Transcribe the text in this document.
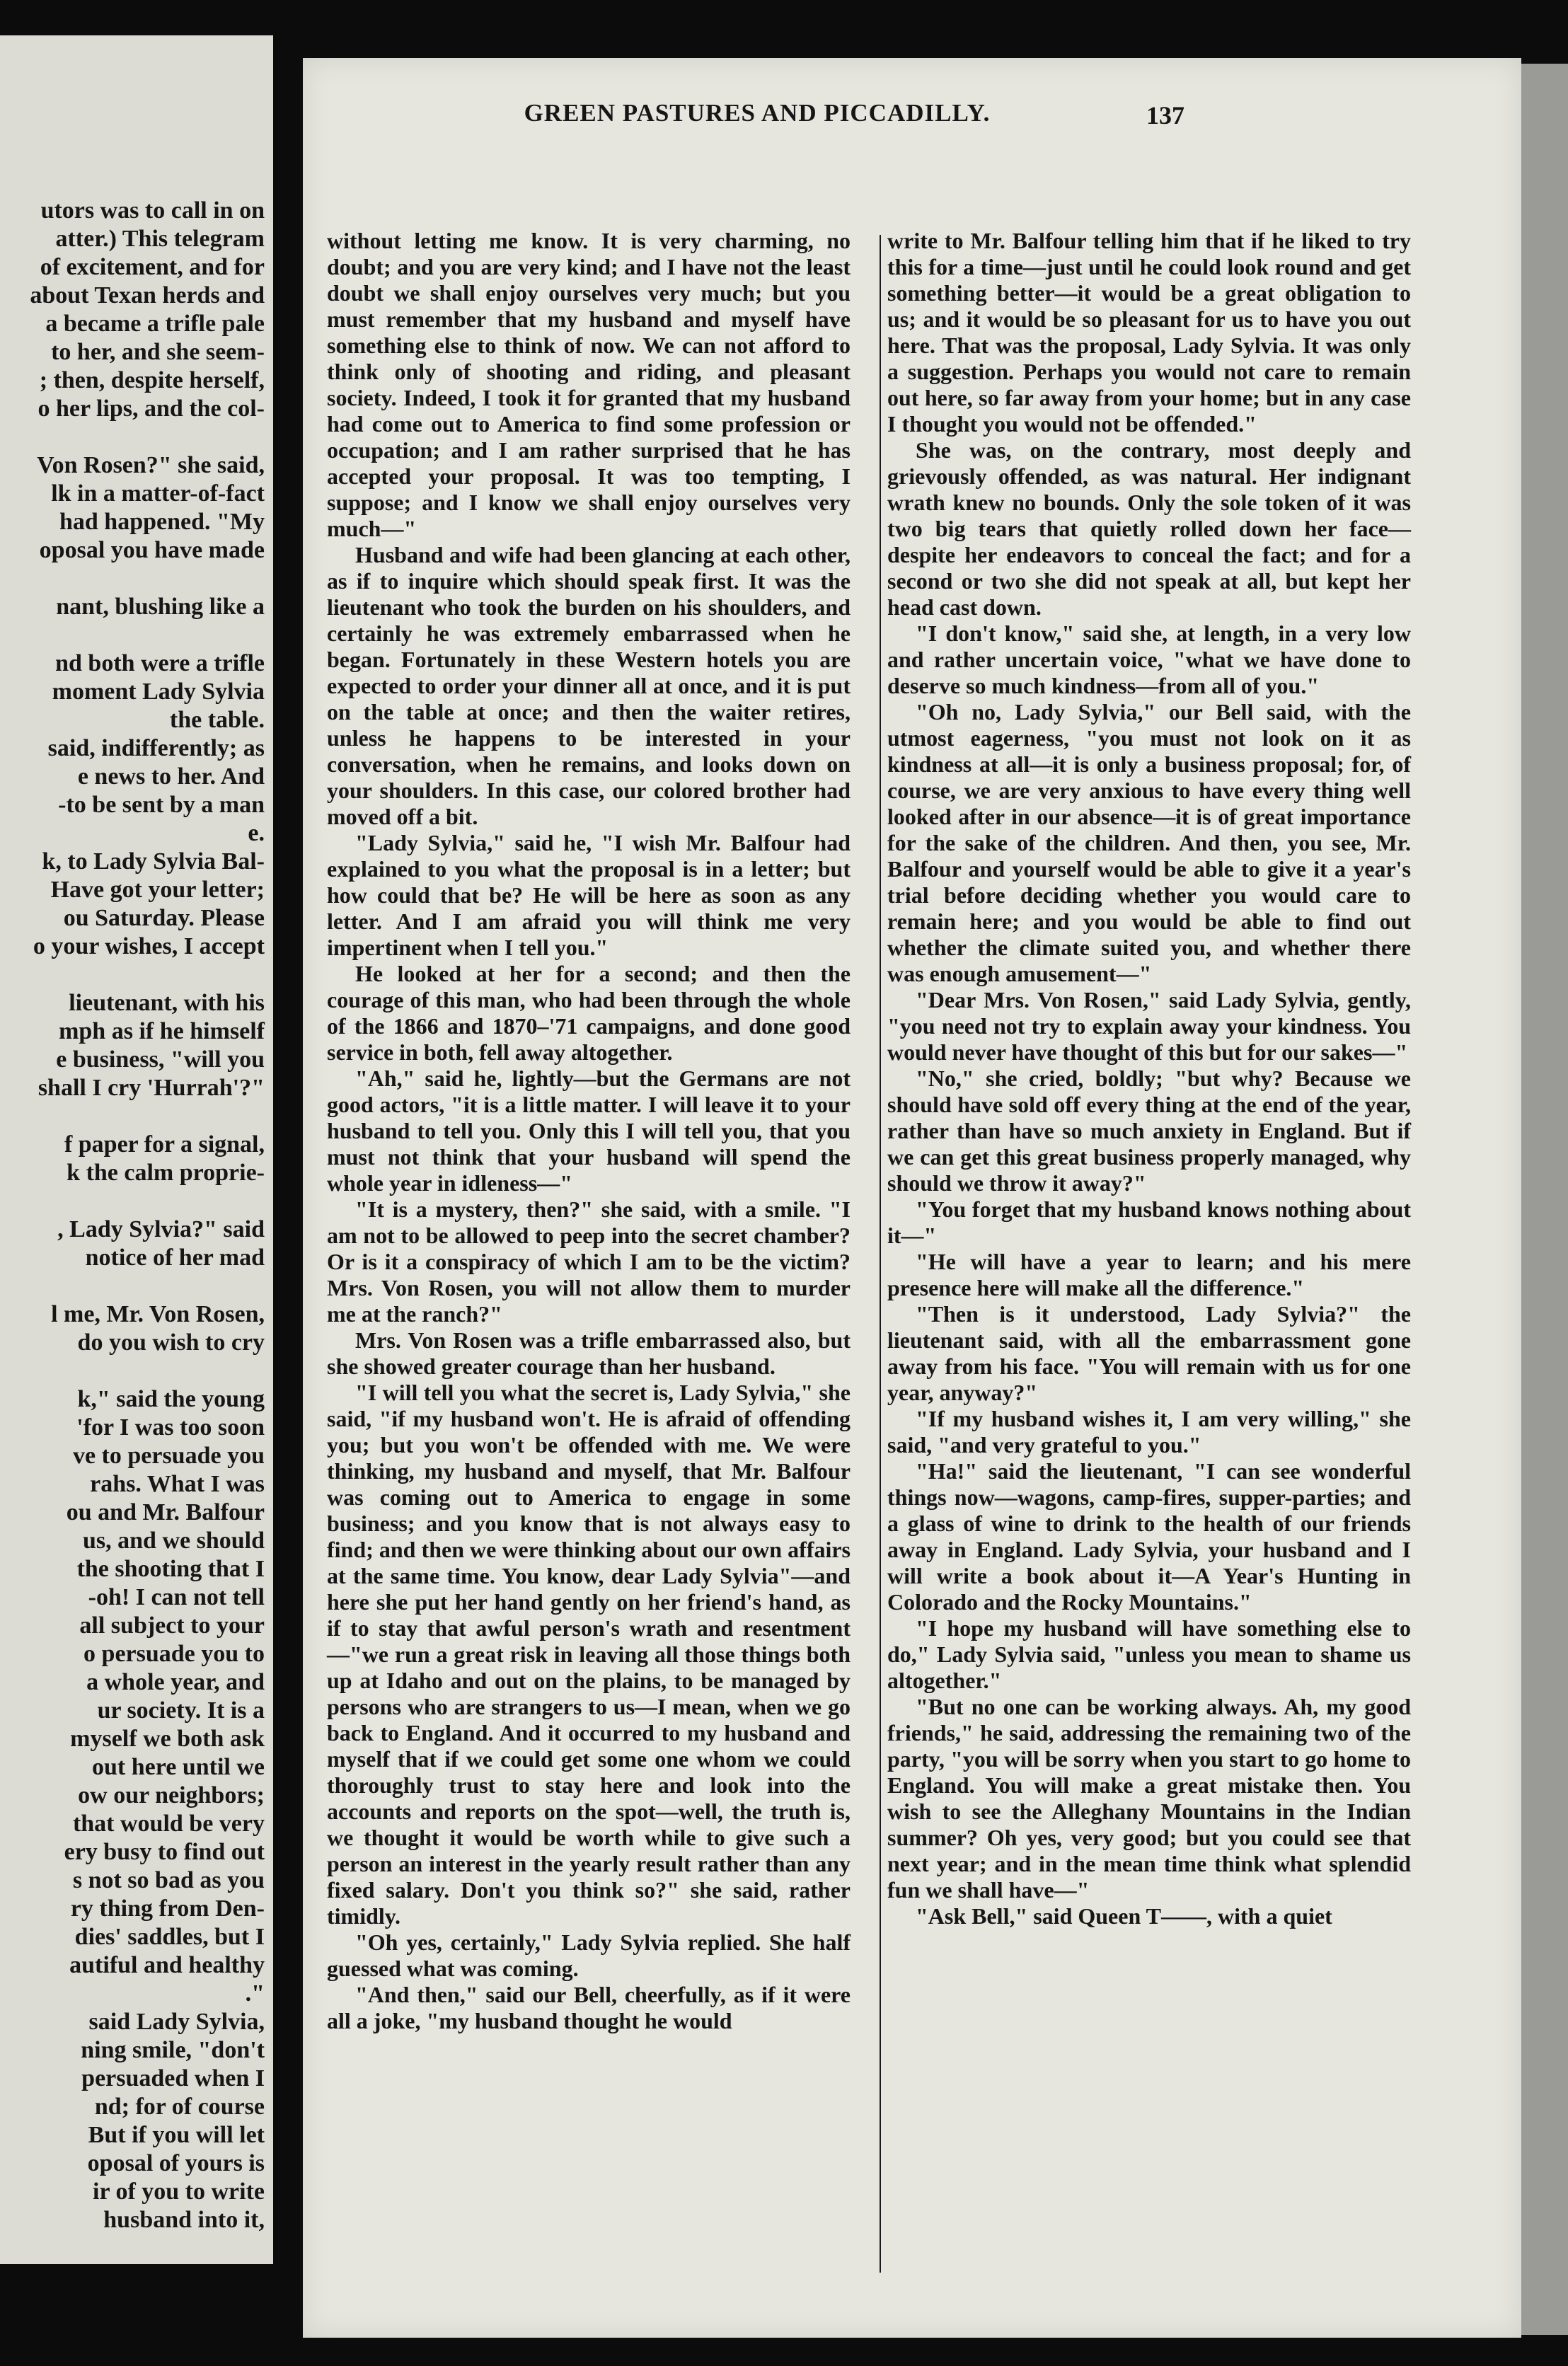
utors was to call in on
atter.) This telegram
of excitement, and for
about Texan herds and
a became a trifle pale
to her, and she seem-
; then, despite herself,
o her lips, and the col-
Von Rosen?" she said,
lk in a matter-of-fact
had happened. "My
oposal you have made
nant, blushing like a
nd both were a trifle
moment Lady Sylvia
the table.
said, indifferently; as
e news to her. And
-to be sent by a man
e.
k, to Lady Sylvia Bal-
Have got your letter;
ou Saturday. Please
o your wishes, I accept
lieutenant, with his
mph as if he himself
e business, "will you
shall I cry 'Hurrah'?"
f paper for a signal,
k the calm proprie-
, Lady Sylvia?" said
notice of her mad
l me, Mr. Von Rosen,
do you wish to cry
k," said the young
'for I was too soon
ve to persuade you
rahs. What I was
ou and Mr. Balfour
us, and we should
the shooting that I
-oh! I can not tell
all subject to your
o persuade you to
a whole year, and
ur society. It is a
myself we both ask
out here until we
ow our neighbors;
that would be very
ery busy to find out
s not so bad as you
ry thing from Den-
dies' saddles, but I
autiful and healthy
."
said Lady Sylvia,
ning smile, "don't
persuaded when I
nd; for of course
But if you will let
oposal of yours is
ir of you to write
husband into it,
GREEN PASTURES AND PICCADILLY.	137

without letting me know. It is very charming, no doubt; and you are very kind; and I have not the least doubt we shall enjoy ourselves very much; but you must remember that my husband and myself have something else to think of now. We can not afford to think only of shooting and riding, and pleasant society. Indeed, I took it for granted that my husband had come out to America to find some profession or occupation; and I am rather surprised that he has accepted your proposal. It was too tempting, I suppose; and I know we shall enjoy ourselves very much—"

Husband and wife had been glancing at each other, as if to inquire which should speak first. It was the lieutenant who took the burden on his shoulders, and certainly he was extremely embarrassed when he began. Fortunately in these Western hotels you are expected to order your dinner all at once, and it is put on the table at once; and then the waiter retires, unless he happens to be interested in your conversation, when he remains, and looks down on your shoulders. In this case, our colored brother had moved off a bit.

"Lady Sylvia," said he, "I wish Mr. Balfour had explained to you what the proposal is in a letter; but how could that be? He will be here as soon as any letter. And I am afraid you will think me very impertinent when I tell you."

He looked at her for a second; and then the courage of this man, who had been through the whole of the 1866 and 1870–'71 campaigns, and done good service in both, fell away altogether.

"Ah," said he, lightly—but the Germans are not good actors, "it is a little matter. I will leave it to your husband to tell you. Only this I will tell you, that you must not think that your husband will spend the whole year in idleness—"

"It is a mystery, then?" she said, with a smile. "I am not to be allowed to peep into the secret chamber? Or is it a conspiracy of which I am to be the victim? Mrs. Von Rosen, you will not allow them to murder me at the ranch?"

Mrs. Von Rosen was a trifle embarrassed also, but she showed greater courage than her husband.

"I will tell you what the secret is, Lady Sylvia," she said, "if my husband won't. He is afraid of offending you; but you won't be offended with me. We were thinking, my husband and myself, that Mr. Balfour was coming out to America to engage in some business; and you know that is not always easy to find; and then we were thinking about our own affairs at the same time. You know, dear Lady Sylvia"—and here she put her hand gently on her friend's hand, as if to stay that awful person's wrath and resentment—"we run a great risk in leaving all those things both up at Idaho and out on the plains, to be managed by persons who are strangers to us—I mean, when we go back to England. And it occurred to my husband and myself that if we could get some one whom we could thoroughly trust to stay here and look into the accounts and reports on the spot—well, the truth is, we thought it would be worth while to give such a person an interest in the yearly result rather than any fixed salary. Don't you think so?" she said, rather timidly.

"Oh yes, certainly," Lady Sylvia replied. She half guessed what was coming.

"And then," said our Bell, cheerfully, as if it were all a joke, "my husband thought he would

write to Mr. Balfour telling him that if he liked to try this for a time—just until he could look round and get something better—it would be a great obligation to us; and it would be so pleasant for us to have you out here. That was the proposal, Lady Sylvia. It was only a suggestion. Perhaps you would not care to remain out here, so far away from your home; but in any case I thought you would not be offended."

She was, on the contrary, most deeply and grievously offended, as was natural. Her indignant wrath knew no bounds. Only the sole token of it was two big tears that quietly rolled down her face—despite her endeavors to conceal the fact; and for a second or two she did not speak at all, but kept her head cast down.

"I don't know," said she, at length, in a very low and rather uncertain voice, "what we have done to deserve so much kindness—from all of you."

"Oh no, Lady Sylvia," our Bell said, with the utmost eagerness, "you must not look on it as kindness at all—it is only a business proposal; for, of course, we are very anxious to have every thing well looked after in our absence—it is of great importance for the sake of the children. And then, you see, Mr. Balfour and yourself would be able to give it a year's trial before deciding whether you would care to remain here; and you would be able to find out whether the climate suited you, and whether there was enough amusement—"

"Dear Mrs. Von Rosen," said Lady Sylvia, gently, "you need not try to explain away your kindness. You would never have thought of this but for our sakes—"

"No," she cried, boldly; "but why? Because we should have sold off every thing at the end of the year, rather than have so much anxiety in England. But if we can get this great business properly managed, why should we throw it away?"

"You forget that my husband knows nothing about it—"

"He will have a year to learn; and his mere presence here will make all the difference."

"Then is it understood, Lady Sylvia?" the lieutenant said, with all the embarrassment gone away from his face. "You will remain with us for one year, anyway?"

"If my husband wishes it, I am very willing," she said, "and very grateful to you."

"Ha!" said the lieutenant, "I can see wonderful things now—wagons, camp-fires, supper-parties; and a glass of wine to drink to the health of our friends away in England. Lady Sylvia, your husband and I will write a book about it—A Year's Hunting in Colorado and the Rocky Mountains."

"I hope my husband will have something else to do," Lady Sylvia said, "unless you mean to shame us altogether."

"But no one can be working always. Ah, my good friends," he said, addressing the remaining two of the party, "you will be sorry when you start to go home to England. You will make a great mistake then. You wish to see the Alleghany Mountains in the Indian summer? Oh yes, very good; but you could see that next year; and in the mean time think what splendid fun we shall have—"

"Ask Bell," said Queen T——, with a quiet
